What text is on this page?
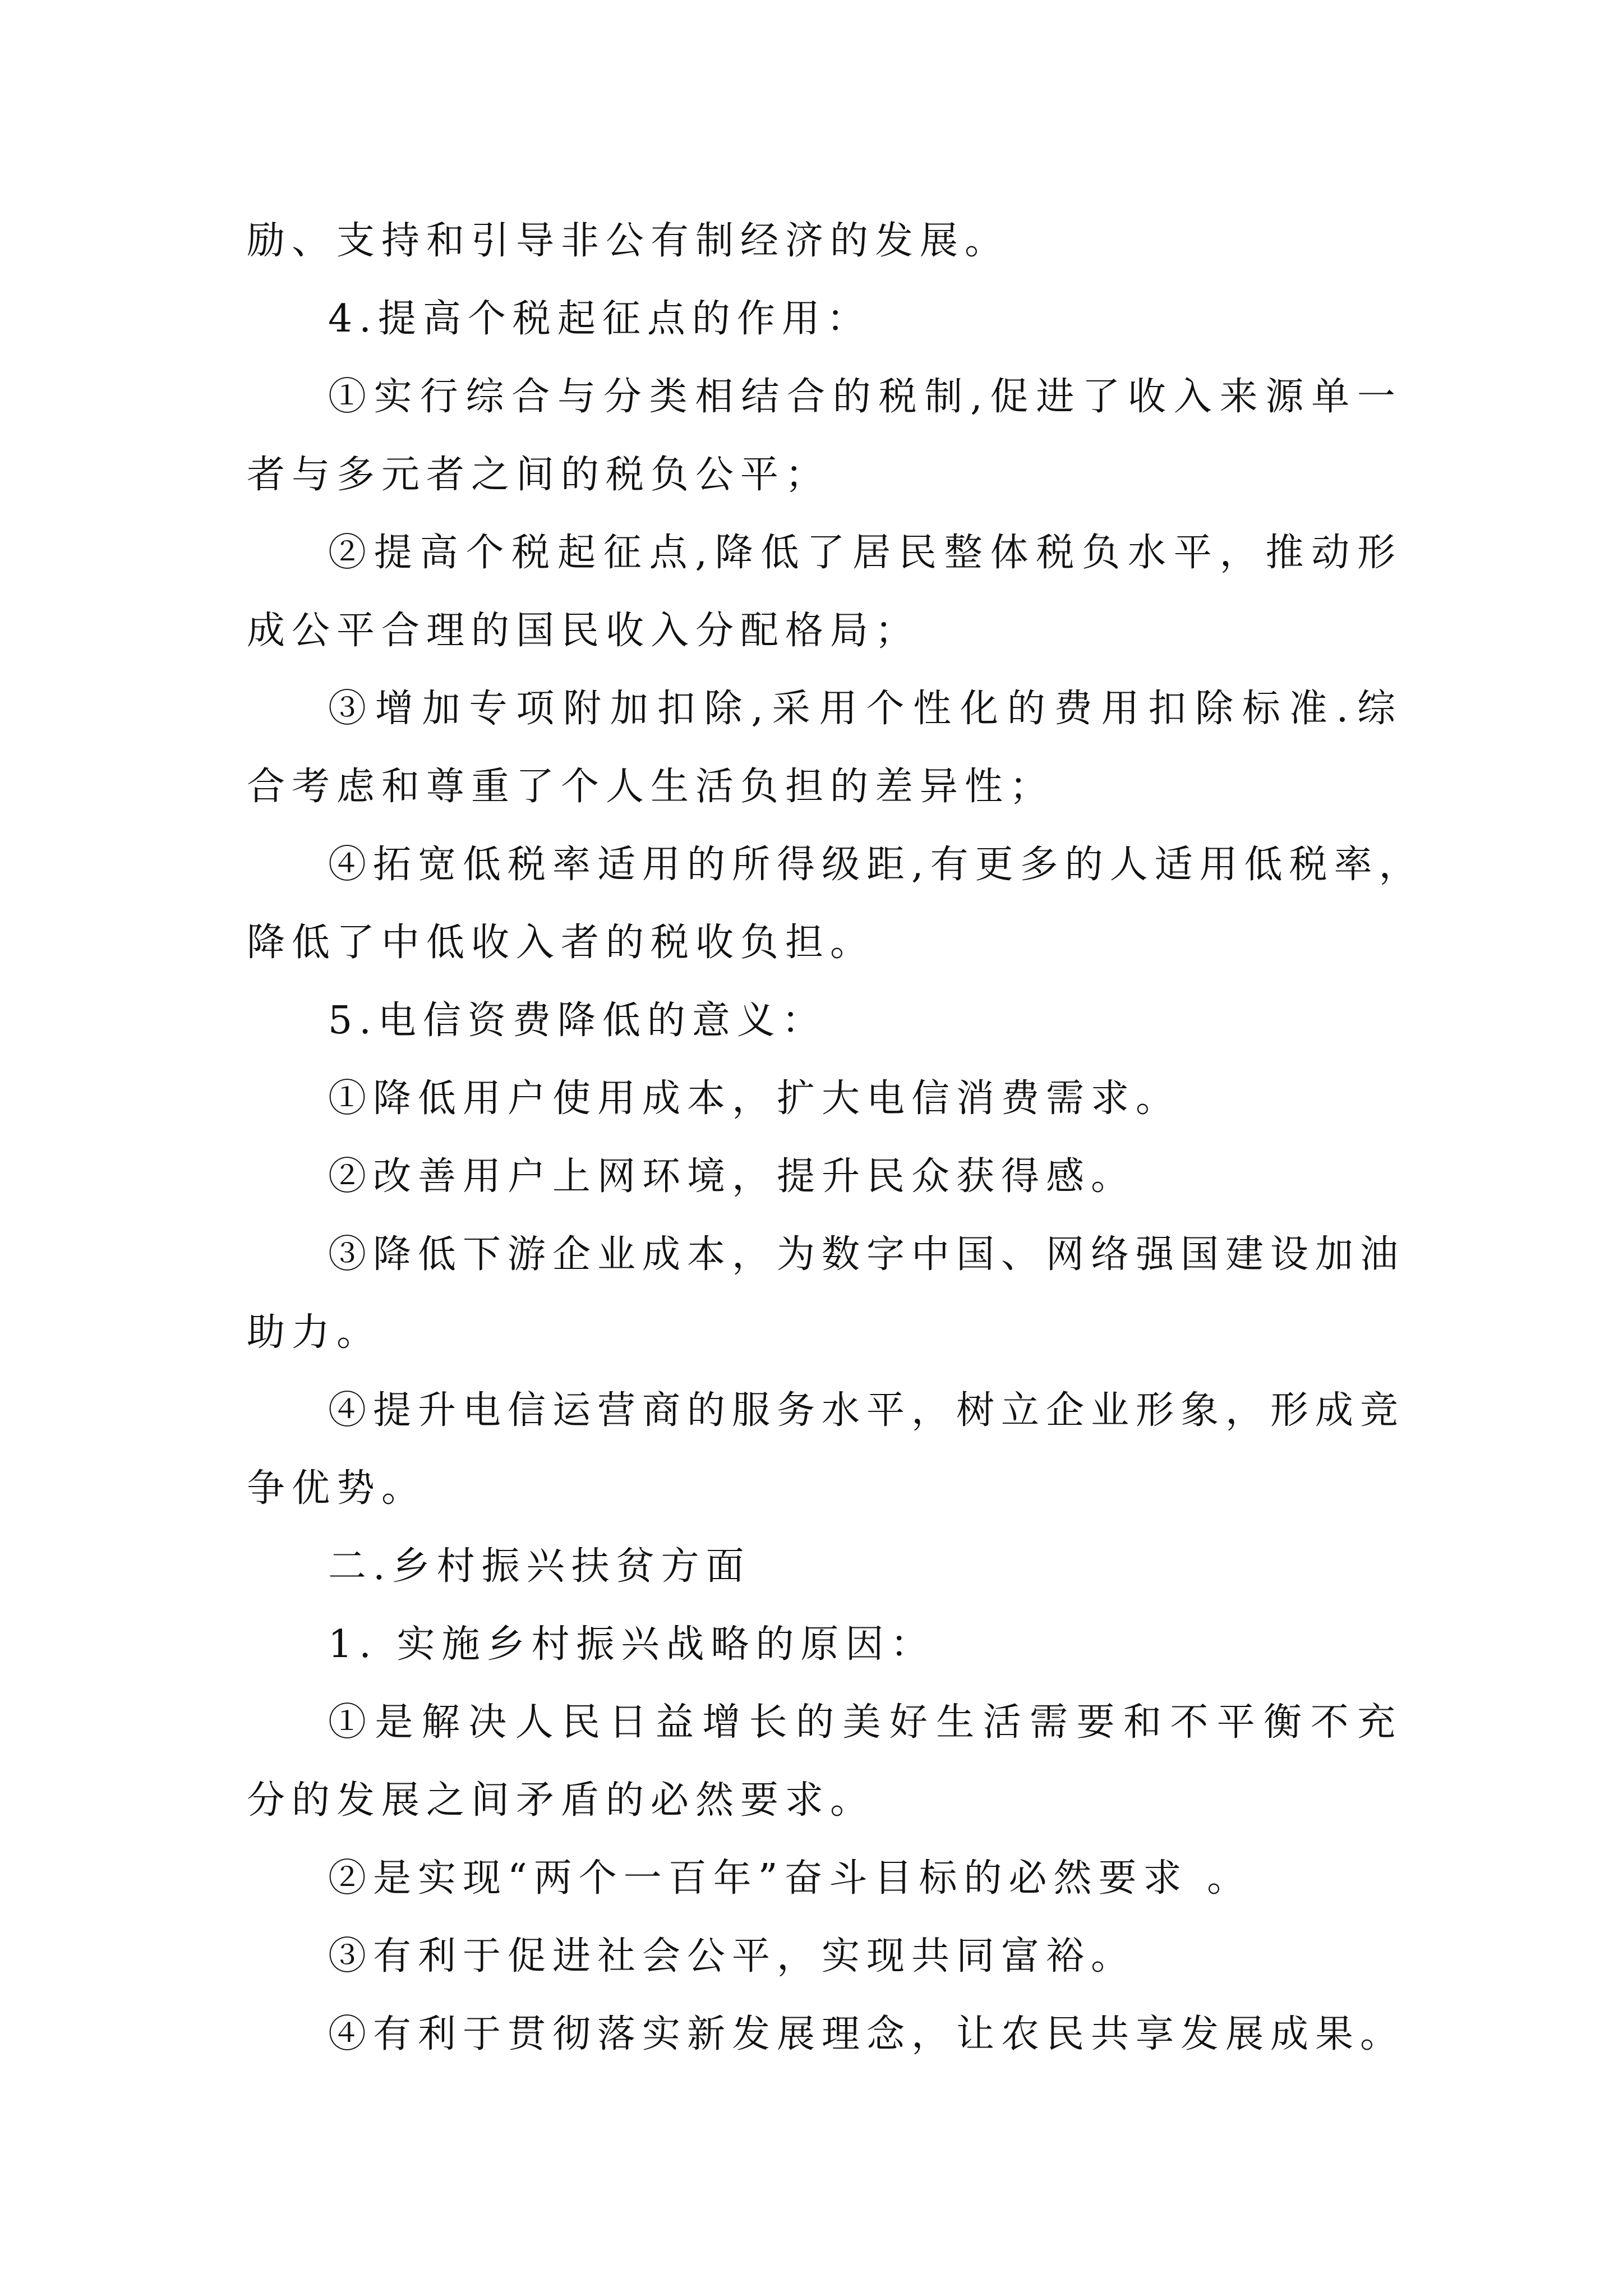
励、支持和引导非公有制经济的发展。
4.提高个税起征点的作用：
①实行综合与分类相结合的税制,促进了收入来源单一
者与多元者之间的税负公平；
②提高个税起征点,降低了居民整体税负水平，推动形
成公平合理的国民收入分配格局；
③增加专项附加扣除,采用个性化的费用扣除标准.综
合考虑和尊重了个人生活负担的差异性；
④拓宽低税率适用的所得级距,有更多的人适用低税率，
降低了中低收入者的税收负担。
5.电信资费降低的意义：
①降低用户使用成本，扩大电信消费需求。
②改善用户上网环境，提升民众获得感。
③降低下游企业成本，为数字中国、网络强国建设加油
助力。
④提升电信运营商的服务水平，树立企业形象，形成竞
争优势。
二.乡村振兴扶贫方面
1. 实施乡村振兴战略的原因：
①是解决人民日益增长的美好生活需要和不平衡不充
分的发展之间矛盾的必然要求。
②是实现“两个一百年”奋斗目标的必然要求 。
③有利于促进社会公平，实现共同富裕。
④有利于贯彻落实新发展理念，让农民共享发展成果。
